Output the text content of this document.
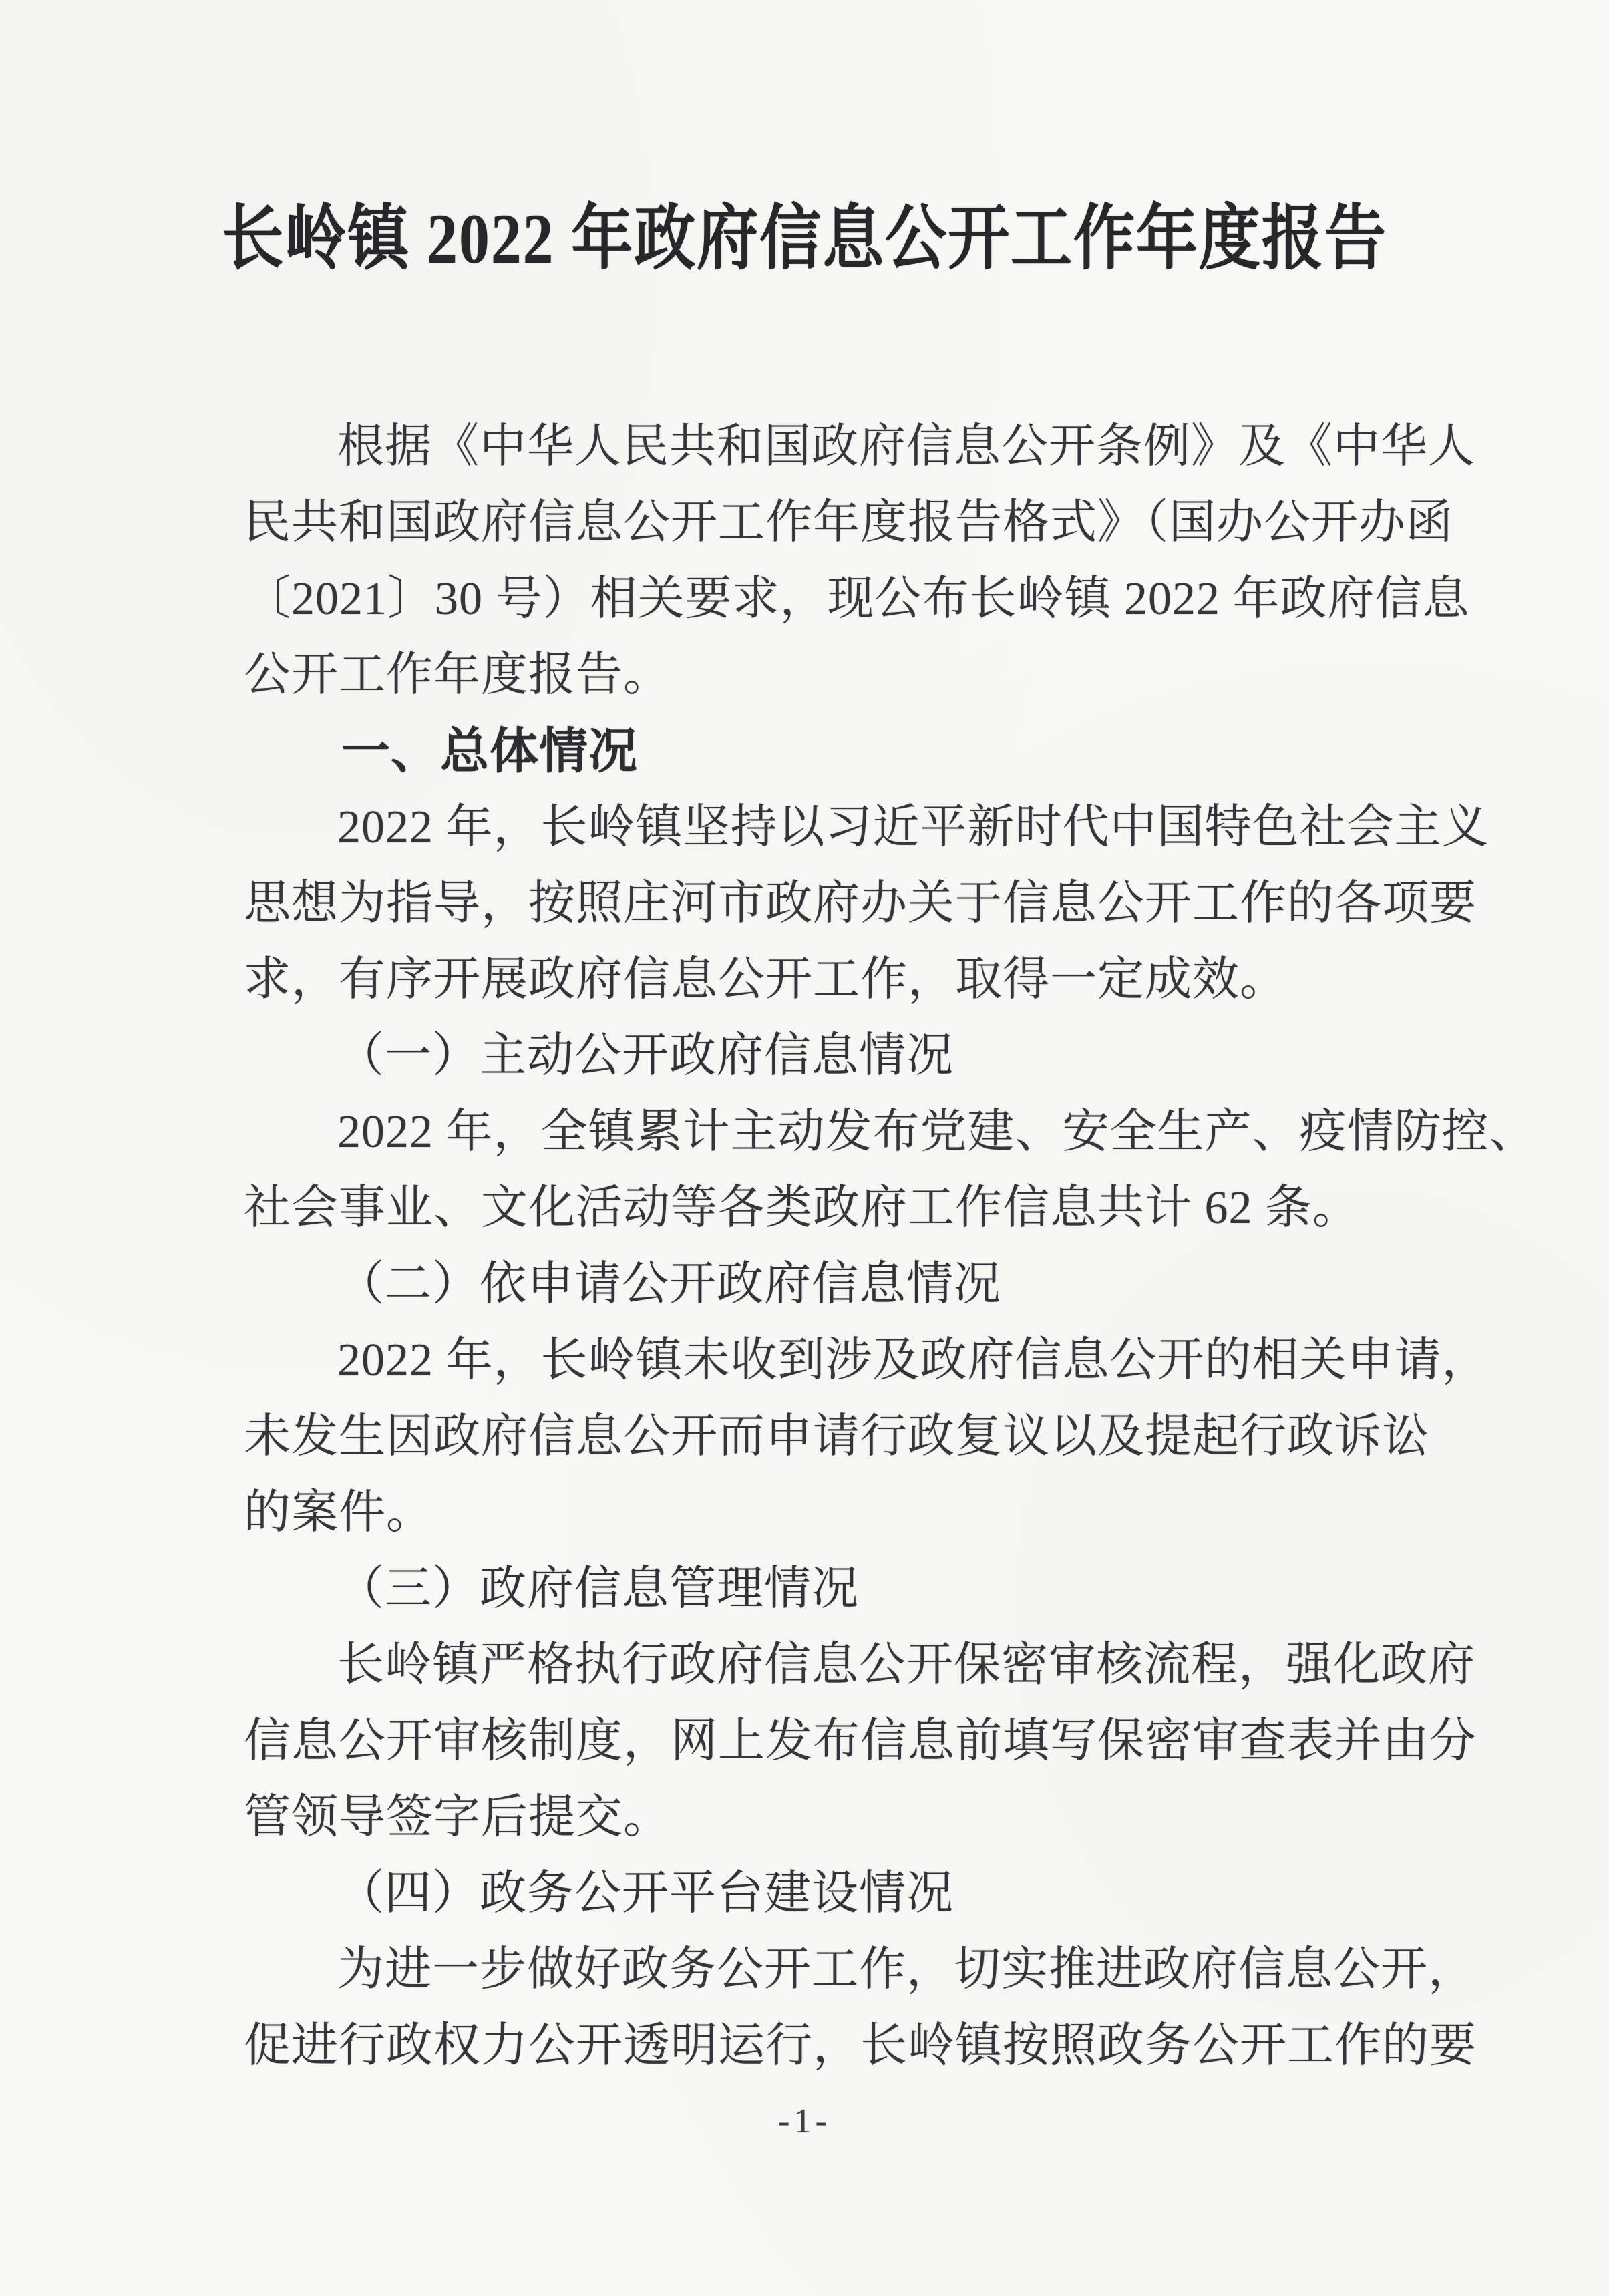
长岭镇 2022 年政府信息公开工作年度报告
根据《中华人民共和国政府信息公开条例》及《中华人
民共和国政府信息公开工作年度报告格式》（国办公开办函
〔2021〕30 号）相关要求，现公布长岭镇 2022 年政府信息
公开工作年度报告。
一、总体情况
2022 年，长岭镇坚持以习近平新时代中国特色社会主义
思想为指导，按照庄河市政府办关于信息公开工作的各项要
求，有序开展政府信息公开工作，取得一定成效。
（一）主动公开政府信息情况
2022 年，全镇累计主动发布党建、安全生产、疫情防控、
社会事业、文化活动等各类政府工作信息共计 62 条。
（二）依申请公开政府信息情况
2022 年，长岭镇未收到涉及政府信息公开的相关申请，
未发生因政府信息公开而申请行政复议以及提起行政诉讼
的案件。
（三）政府信息管理情况
长岭镇严格执行政府信息公开保密审核流程，强化政府
信息公开审核制度，网上发布信息前填写保密审查表并由分
管领导签字后提交。
（四）政务公开平台建设情况
为进一步做好政务公开工作，切实推进政府信息公开，
促进行政权力公开透明运行，长岭镇按照政务公开工作的要
-1-
